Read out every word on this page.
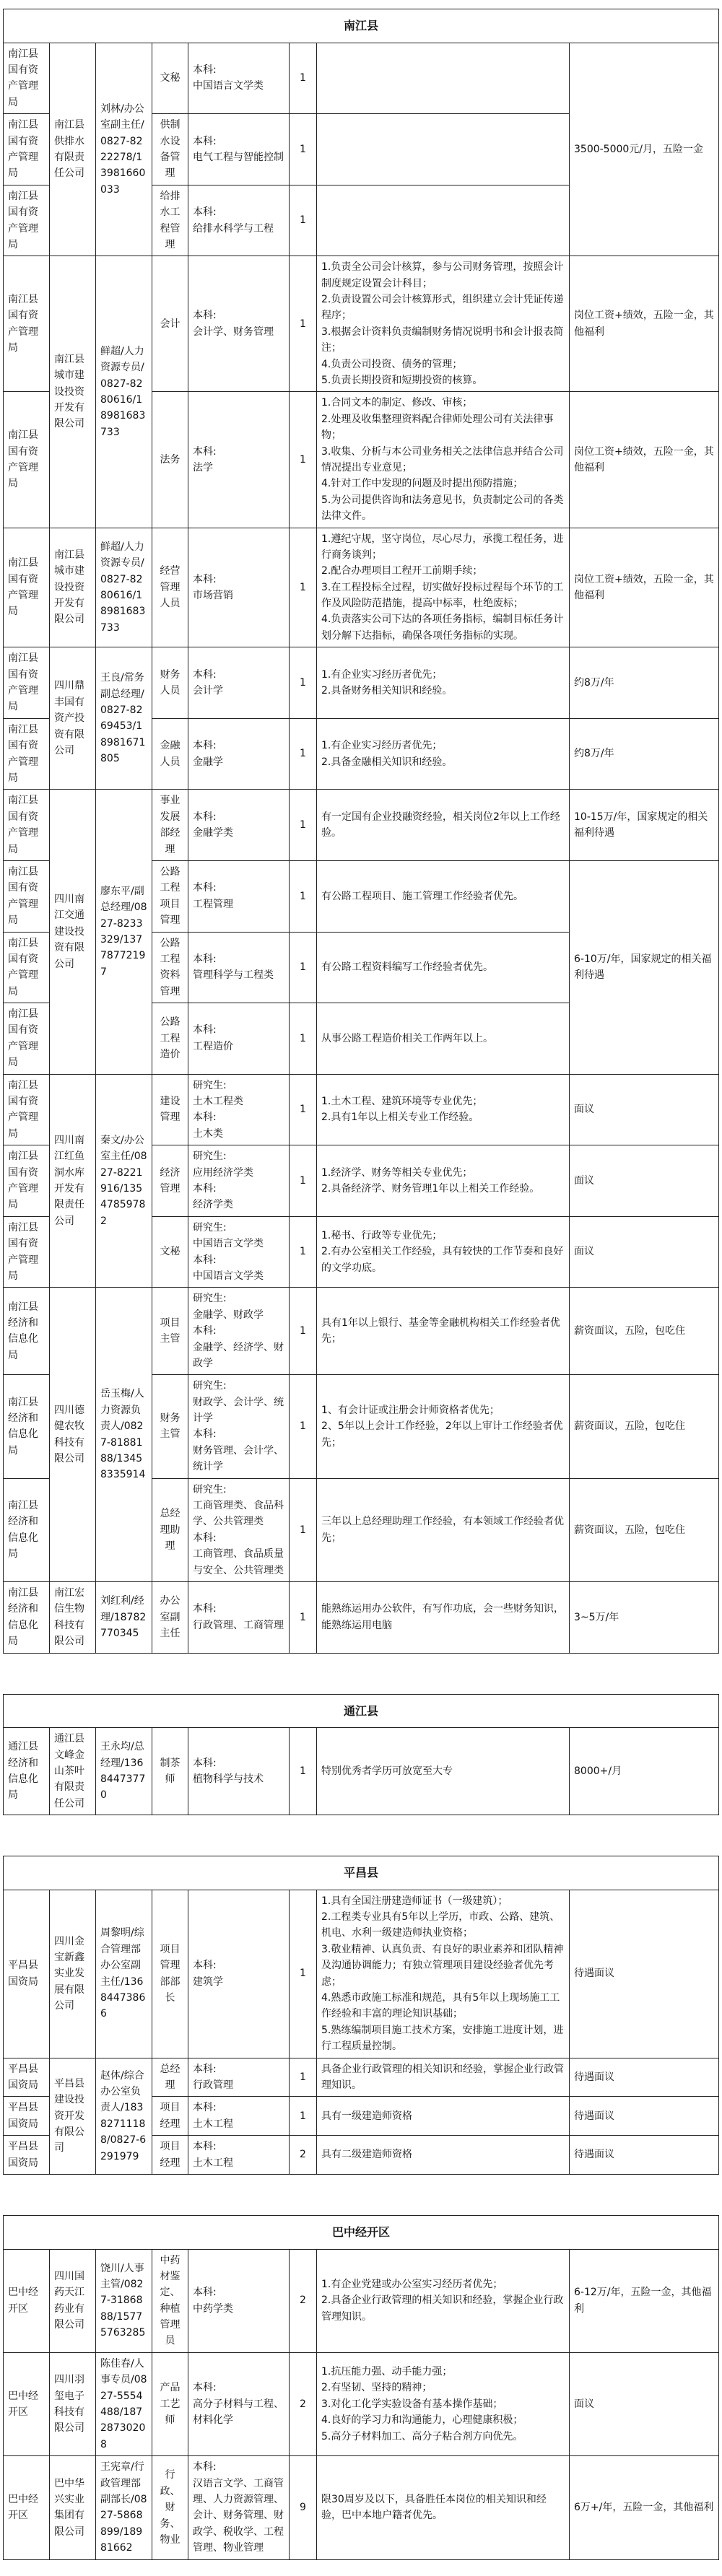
南江县							
南江县国有资产管理局	南江县供排水有限责任公司	刘林/办公室副主任/0827-8222278/13981660033	文秘	本科:
中国语言文学类	1		3500-5000元/月，五险一金
南江县国有资产管理局			供制水设备管理	本科:
电气工程与智能控制	1		
南江县国有资产管理局			给排水工程管理	本科:
给排水科学与工程	1		
南江县国有资产管理局	南江县城市建设投资开发有限公司	鲜超/人力资源专员/0827-8280616/18981683733	会计	本科:
会计学、财务管理	1	1.负责全公司会计核算，参与公司财务管理，按照会计制度规定设置会计科目；
2.负责设置公司会计核算形式，组织建立会计凭证传递程序；
3.根据会计资料负责编制财务情况说明书和会计报表简注；
4.负责公司投资、债务的管理；
5.负责长期投资和短期投资的核算。	岗位工资+绩效，五险一金，其他福利
南江县国有资产管理局			法务	本科:
法学	1	1.合同文本的制定、修改、审核；
2.处理及收集整理资料配合律师处理公司有关法律事物；
3.收集、分析与本公司业务相关之法律信息并结合公司情况提出专业意见；
4.针对工作中发现的问题及时提出预防措施；
5.为公司提供咨询和法务意见书，负责制定公司的各类法律文件。	岗位工资+绩效，五险一金，其他福利
南江县国有资产管理局	南江县城市建设投资开发有限公司	鲜超/人力资源专员/0827-8280616/18981683733	经营管理人员	本科:
市场营销	1	1.遵纪守规，坚守岗位，尽心尽力，承揽工程任务，进行商务谈判；
2.配合办理项目工程开工前期手续；
3.在工程投标全过程，切实做好投标过程每个环节的工作及风险防范措施，提高中标率，杜绝废标；
4.负责落实公司下达的各项任务指标，编制目标任务计划分解下达指标，确保各项任务指标的实现。	岗位工资+绩效，五险一金，其他福利
南江县国有资产管理局	四川鼎丰国有资产投资有限公司	王良/常务副总经理/0827-8269453/18981671805	财务人员	本科:
会计学	1	1.有企业实习经历者优先；
2.具备财务相关知识和经验。	约8万/年
南江县国有资产管理局			金融人员	本科:
金融学	1	1.有企业实习经历者优先；
2.具备金融相关知识和经验。	约8万/年
南江县国有资产管理局	四川南江交通建设投资有限公司	廖东平/副总经理/0827-8233329/13778772197	事业发展部经理	本科:
金融学类	1	有一定国有企业投融资经验，相关岗位2年以上工作经验。	10-15万/年，国家规定的相关福利待遇
南江县国有资产管理局			公路工程项目管理	本科:
工程管理	1	有公路工程项目、施工管理工作经验者优先。	6-10万/年，国家规定的相关福利待遇
南江县国有资产管理局			公路工程资料管理	本科:
管理科学与工程类	1	有公路工程资料编写工作经验者优先。	
南江县国有资产管理局			公路工程造价	本科:
工程造价	1	从事公路工程造价相关工作两年以上。	
南江县国有资产管理局	四川南江红鱼洞水库开发有限责任公司	秦文/办公室主任/0827-8221916/13547859782	建设管理	研究生:
土木工程类
本科:
土木类	1	1.土木工程、建筑环境等专业优先；
2.具有1年以上相关专业工作经验。	面议
南江县国有资产管理局			经济管理	研究生:
应用经济学类
本科:
经济学类	1	1.经济学、财务等相关专业优先；
2.具备经济学、财务管理1年以上相关工作经验。	面议
南江县国有资产管理局			文秘	研究生:
中国语言文学类
本科:
中国语言文学类	1	1.秘书、行政等专业优先；
2.有办公室相关工作经验，具有较快的工作节奏和良好的文学功底。	面议
南江县经济和信息化局	四川德健农牧科技有限公司	岳玉梅/人力资源负责人/0827-8188188/13458335914	项目主管	研究生:
金融学、财政学
本科:
金融学、经济学、财政学	1	具有1年以上银行、基金等金融机构相关工作经验者优先；	薪资面议，五险，包吃住
南江县经济和信息化局			财务主管	研究生:
财政学、会计学、统计学
本科:
财务管理、会计学、统计学	1	1、有会计证或注册会计师资格者优先；
2、5年以上会计工作经验，2年以上审计工作经验者优先；	薪资面议，五险，包吃住
南江县经济和信息化局			总经理助理	研究生:
工商管理类、食品科学、公共管理类
本科:
工商管理、食品质量与安全、公共管理类	1	三年以上总经理助理工作经验，有本领域工作经验者优先；	薪资面议，五险，包吃住
南江县经济和信息化局	南江宏信生物科技有限公司	刘红利/经理/18782770345	办公室副主任	本科:
行政管理、工商管理	1	能熟练运用办公软件，有写作功底，会一些财务知识，能熟练运用电脑	3~5万/年

通江县							
通江县经济和信息化局	通江县文峰金山茶叶有限责任公司	王永均/总经理/13684473770	制茶师	本科:
植物科学与技术	1	特别优秀者学历可放宽至大专	8000+/月

平昌县							
平昌县国资局	四川金宝新鑫实业发展有限公司	周黎明/综合管理部办公室副主任/13684473866	项目管理部部长	本科:
建筑学	1	1.具有全国注册建造师证书（一级建筑）；
2.工程类专业具有5年以上学历，市政、公路、建筑、机电、水利一级建造师执业资格；
3.敬业精神、认真负责、有良好的职业素养和团队精神及沟通协调能力；有独立管理项目建设经验者优先考虑；
4.熟悉市政施工标准和规范，具有5年以上现场施工工作经验和丰富的理论知识基础；
5.熟练编制项目施工技术方案，安排施工进度计划，进行工程质量控制。	待遇面议
平昌县国资局	平昌县建设投资开发有限公司	赵体/综合办公室负责人/18382711188/0827-6291979	总经理	本科:
行政管理	1	具备企业行政管理的相关知识和经验，掌握企业行政管理知识。	待遇面议
平昌县国资局			项目经理	本科:
土木工程	1	具有一级建造师资格	待遇面议
平昌县国资局			项目经理	本科:
土木工程	2	具有二级建造师资格	待遇面议

巴中经开区							
巴中经开区	四川国药天江药业有限公司	饶川/人事主管/0827-3186888/15775763285	中药材鉴定、种植管理员	本科:
中药学类	2	1.有企业党建或办公室实习经历者优先；
2.具备企业行政管理的相关知识和经验，掌握企业行政管理知识。	6-12万/年，五险一金，其他福利
巴中经开区	四川羽玺电子科技有限公司	陈佳春/人事专员/0827-5554488/18728730208	产品工艺师	本科:
高分子材料与工程、材料化学	2	1.抗压能力强、动手能力强；
2.有坚韧、坚持的精神；
3.对化工化学实验设备有基本操作基础；
4.良好的学习力和沟通能力，心理健康积极；
5.高分子材料加工、高分子粘合剂方向优先。	面议
巴中经开区	巴中华兴实业集团有限公司	王宪章/行政管理部副部长/0827-5868899/18981662	行政、财务、物业	本科:
汉语言文学、工商管理、人力资源管理、会计、财务管理、财政学、税收学、工程管理、物业管理	9	限30周岁及以下，具备胜任本岗位的相关知识和经验，巴中本地户籍者优先。	6万+/年，五险一金，其他福利
